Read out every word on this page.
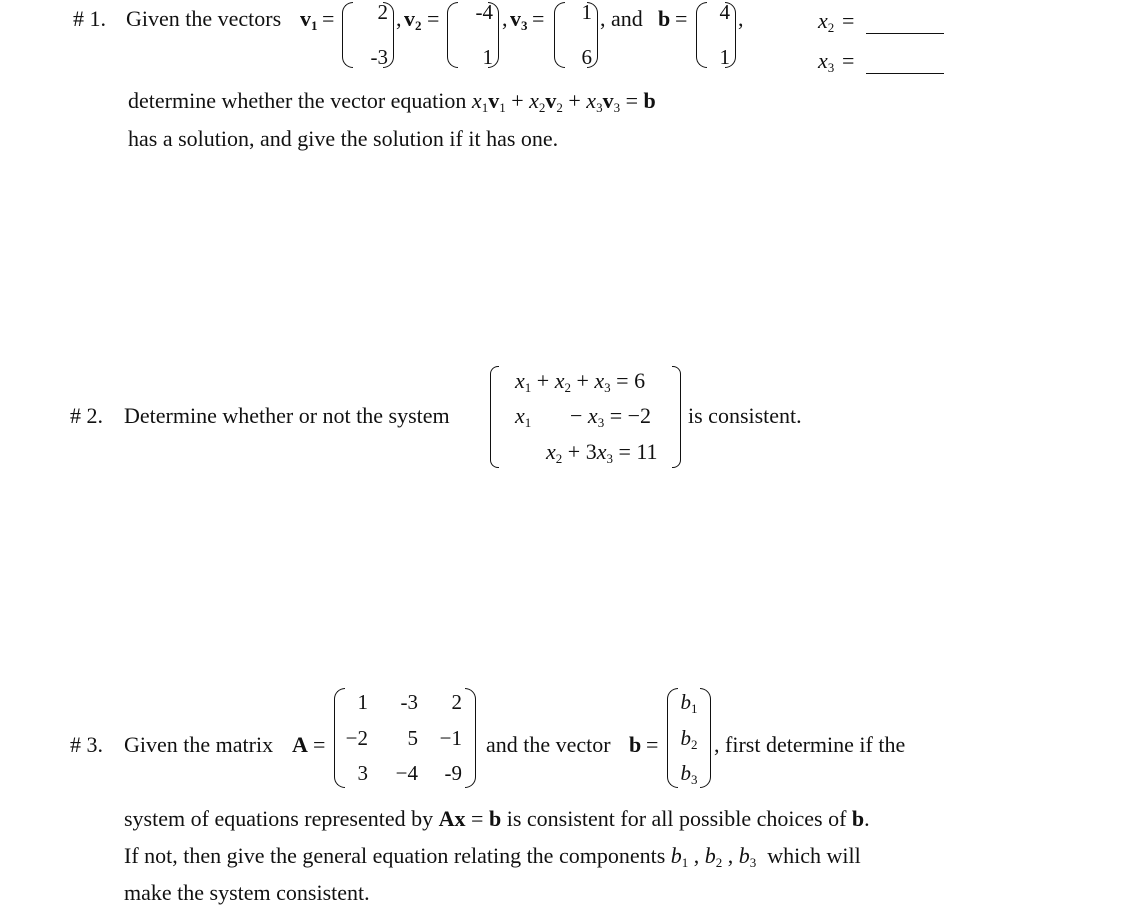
# 1. Given the vectors $v_1$ =	2
-3
, $v_2$ =	-4
1
, $v_3$ =	1
6
, and b =	4
1
,	$x_2$ =
$x_3$ =
determine whether the vector equation $x_1v_1 + x_2v_2 + x_3v_3 = b$
has a solution, and give the solution if it has one.
# 2. Determine whether or not the system
$x_1 + x_2 + x_3 = 6$
$x_1 - x_3 = -2$
$x_2 + 3x_3 = 11$
is consistent.
# 3. Given the matrix A =
1	-3	2
−2	5	−1
3	−4	-9
and the vector b =
$b_1$
$b_2$
$b_3$
, first determine if the
system of equations represented by Ax = b is consistent for all possible choices of b.
If not, then give the general equation relating the components $b_1$ , $b_2$ , $b_3$ which will
make the system consistent.
